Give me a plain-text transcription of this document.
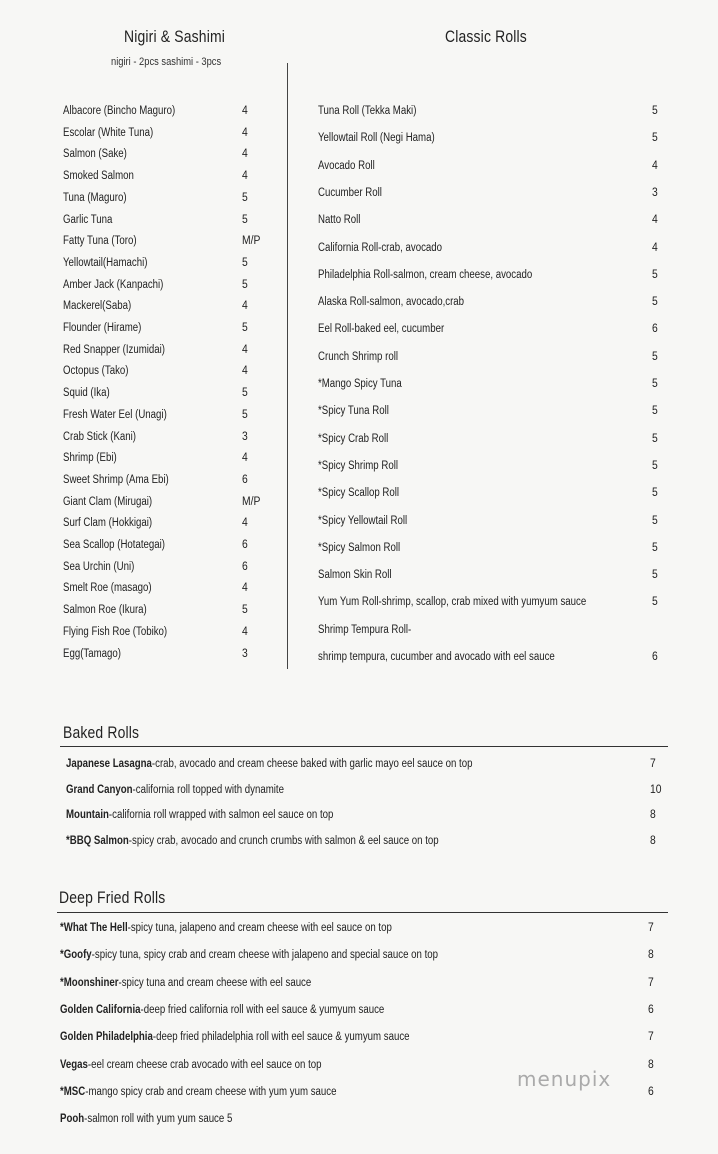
Nigiri & Sashimi
nigiri - 2pcs sashimi - 3pcs
Classic Rolls
Albacore (Bincho Maguro)	4
Escolar (White Tuna)	4
Salmon (Sake)	4
Smoked Salmon	4
Tuna (Maguro)	5
Garlic Tuna	5
Fatty Tuna (Toro)	M/P
Yellowtail(Hamachi)	5
Amber Jack (Kanpachi)	5
Mackerel(Saba)	4
Flounder (Hirame)	5
Red Snapper (Izumidai)	4
Octopus (Tako)	4
Squid (Ika)	5
Fresh Water Eel (Unagi)	5
Crab Stick (Kani)	3
Shrimp (Ebi)	4
Sweet Shrimp (Ama Ebi)	6
Giant Clam (Mirugai)	M/P
Surf Clam (Hokkigai)	4
Sea Scallop (Hotategai)	6
Sea Urchin (Uni)	6
Smelt Roe (masago)	4
Salmon Roe (Ikura)	5
Flying Fish Roe (Tobiko)	4
Egg(Tamago)	3
Tuna Roll (Tekka Maki)	5
Yellowtail Roll (Negi Hama)	5
Avocado Roll	4
Cucumber Roll	3
Natto Roll	4
California Roll-crab, avocado	4
Philadelphia Roll-salmon, cream cheese, avocado	5
Alaska Roll-salmon, avocado,crab	5
Eel Roll-baked eel, cucumber	6
Crunch Shrimp roll	5
*Mango Spicy Tuna	5
*Spicy Tuna Roll	5
*Spicy Crab Roll	5
*Spicy Shrimp Roll	5
*Spicy Scallop Roll	5
*Spicy Yellowtail Roll	5
*Spicy Salmon Roll	5
Salmon Skin Roll	5
Yum Yum Roll-shrimp, scallop, crab mixed with yumyum sauce	5
Shrimp Tempura Roll-
shrimp tempura, cucumber and avocado with eel sauce	6
Baked Rolls
Japanese Lasagna-crab, avocado and cream cheese baked with garlic mayo eel sauce on top	7
Grand Canyon-california roll topped with dynamite	10
Mountain-california roll wrapped with salmon eel sauce on top	8
*BBQ Salmon-spicy crab, avocado and crunch crumbs with salmon & eel sauce on top	8
Deep Fried Rolls
*What The Hell-spicy tuna, jalapeno and cream cheese with eel sauce on top	7
*Goofy-spicy tuna, spicy crab and cream cheese with jalapeno and special sauce on top	8
*Moonshiner-spicy tuna and cream cheese with eel sauce	7
Golden California-deep fried california roll with eel sauce & yumyum sauce	6
Golden Philadelphia-deep fried philadelphia roll with eel sauce & yumyum sauce	7
Vegas-eel cream cheese crab avocado with eel sauce on top	8
*MSC-mango spicy crab and cream cheese with yum yum sauce	6
Pooh-salmon roll with yum yum sauce 5
menupix
